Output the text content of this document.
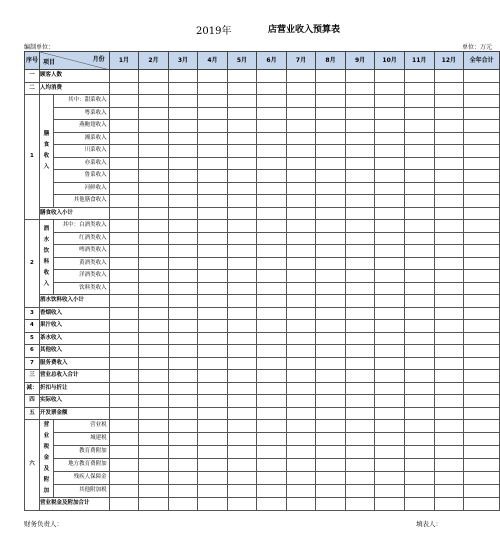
2019年	店营业收入预算表
编制单位：	单位：万元
序号	项目 月份		1月	2月	3月	4月	5月	6月	7月	8月	9月	10月	11月	12月	全年合计
一	顾客人数														
二	人均消费														
1	膳食收入	其中：甜菜收入													
		粤菜收入													
		燕鲍翅收入													
		湘菜收入													
		川菜收入													
		亦菜收入													
		鲁菜收入													
		河鲜收入													
		其他膳食收入													
	膳食收入小计														
2	酒水饮料收入	其中：白酒类收入													
		红酒类收入													
		啤酒类收入													
		黄酒类收入													
		洋酒类收入													
		饮料类收入													
	酒水饮料收入小计														
3	香烟收入														
4	果汁收入														
5	茶水收入														
6	其他收入														
7	服务费收入														
三	营业总收入合计														
减：	折扣与折让														
四	实际收入														
五	开发票金额														
六	营业税金及附加	营业税													
		城建税													
		教育费附加													
		地方教育费附加													
		残疾人保障金													
		其他附加税													
	营业税金及附加合计														
财务负责人：	填表人：
